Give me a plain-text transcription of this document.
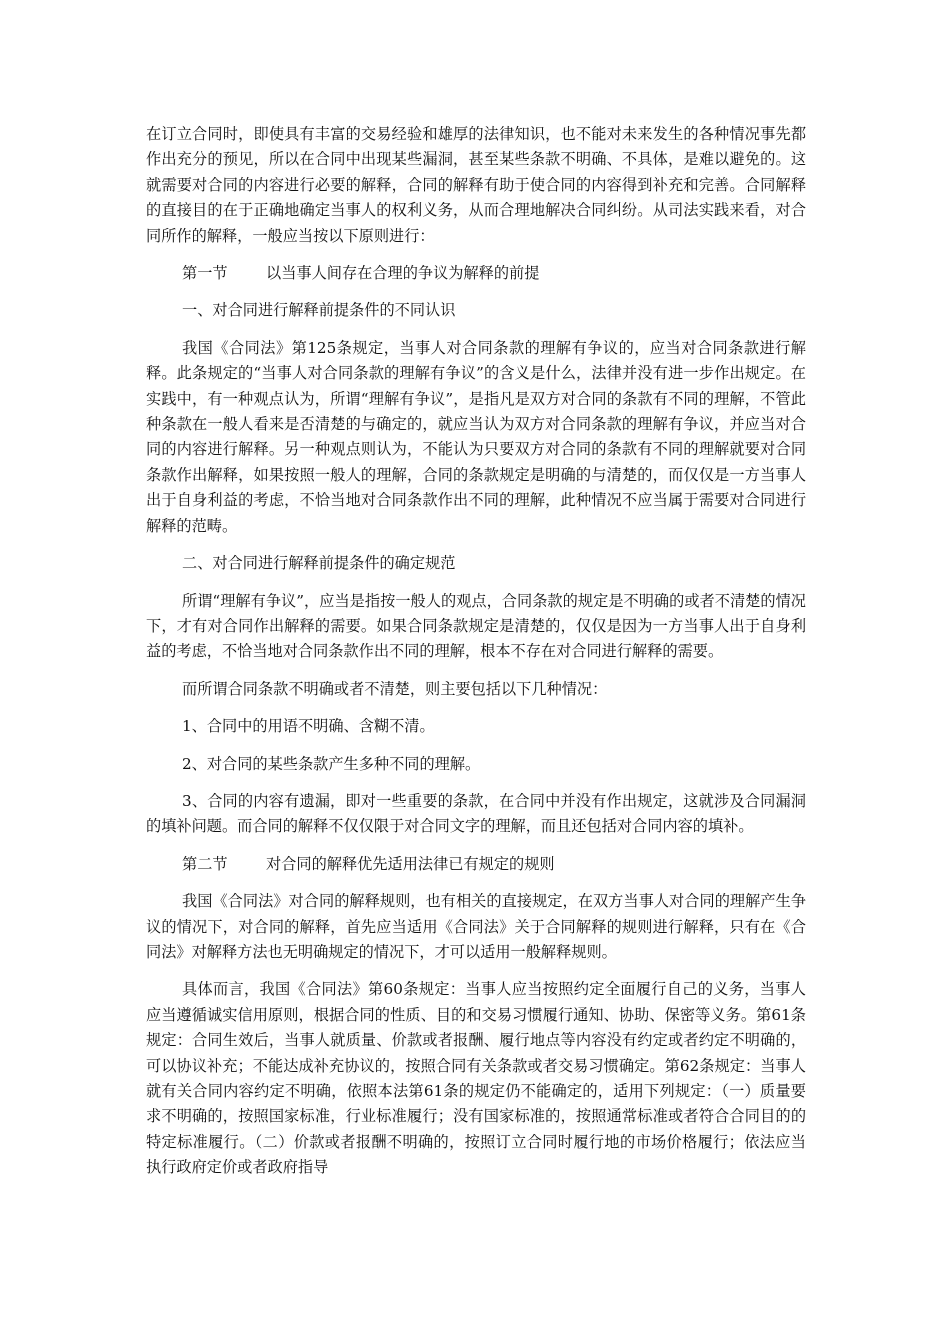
在订立合同时，即使具有丰富的交易经验和雄厚的法律知识，也不能对未来发生的各种情况事先都作出充分的预见，所以在合同中出现某些漏洞，甚至某些条款不明确、不具体，是难以避免的。这就需要对合同的内容进行必要的解释，合同的解释有助于使合同的内容得到补充和完善。合同解释的直接目的在于正确地确定当事人的权利义务，从而合理地解决合同纠纷。从司法实践来看，对合同所作的解释，一般应当按以下原则进行：

第一节	以当事人间存在合理的争议为解释的前提

一、对合同进行解释前提条件的不同认识

我国《合同法》第125条规定，当事人对合同条款的理解有争议的，应当对合同条款进行解释。此条规定的“当事人对合同条款的理解有争议”的含义是什么，法律并没有进一步作出规定。在实践中，有一种观点认为，所谓“理解有争议”，是指凡是双方对合同的条款有不同的理解，不管此种条款在一般人看来是否清楚的与确定的，就应当认为双方对合同条款的理解有争议，并应当对合同的内容进行解释。另一种观点则认为，不能认为只要双方对合同的条款有不同的理解就要对合同条款作出解释，如果按照一般人的理解，合同的条款规定是明确的与清楚的，而仅仅是一方当事人出于自身利益的考虑，不恰当地对合同条款作出不同的理解，此种情况不应当属于需要对合同进行解释的范畴。

二、对合同进行解释前提条件的确定规范

所谓“理解有争议”，应当是指按一般人的观点，合同条款的规定是不明确的或者不清楚的情况下，才有对合同作出解释的需要。如果合同条款规定是清楚的，仅仅是因为一方当事人出于自身利益的考虑，不恰当地对合同条款作出不同的理解，根本不存在对合同进行解释的需要。

而所谓合同条款不明确或者不清楚，则主要包括以下几种情况：

1、合同中的用语不明确、含糊不清。

2、对合同的某些条款产生多种不同的理解。

3、合同的内容有遗漏，即对一些重要的条款，在合同中并没有作出规定，这就涉及合同漏洞的填补问题。而合同的解释不仅仅限于对合同文字的理解，而且还包括对合同内容的填补。

第二节	对合同的解释优先适用法律已有规定的规则

我国《合同法》对合同的解释规则，也有相关的直接规定，在双方当事人对合同的理解产生争议的情况下，对合同的解释，首先应当适用《合同法》关于合同解释的规则进行解释，只有在《合同法》对解释方法也无明确规定的情况下，才可以适用一般解释规则。

具体而言，我国《合同法》第60条规定：当事人应当按照约定全面履行自己的义务，当事人应当遵循诚实信用原则，根据合同的性质、目的和交易习惯履行通知、协助、保密等义务。第61条规定：合同生效后，当事人就质量、价款或者报酬、履行地点等内容没有约定或者约定不明确的，可以协议补充；不能达成补充协议的，按照合同有关条款或者交易习惯确定。第62条规定：当事人就有关合同内容约定不明确，依照本法第61条的规定仍不能确定的，适用下列规定：（一）质量要求不明确的，按照国家标准，行业标准履行；没有国家标准的，按照通常标准或者符合合同目的的特定标准履行。（二）价款或者报酬不明确的，按照订立合同时履行地的市场价格履行；依法应当执行政府定价或者政府指导
